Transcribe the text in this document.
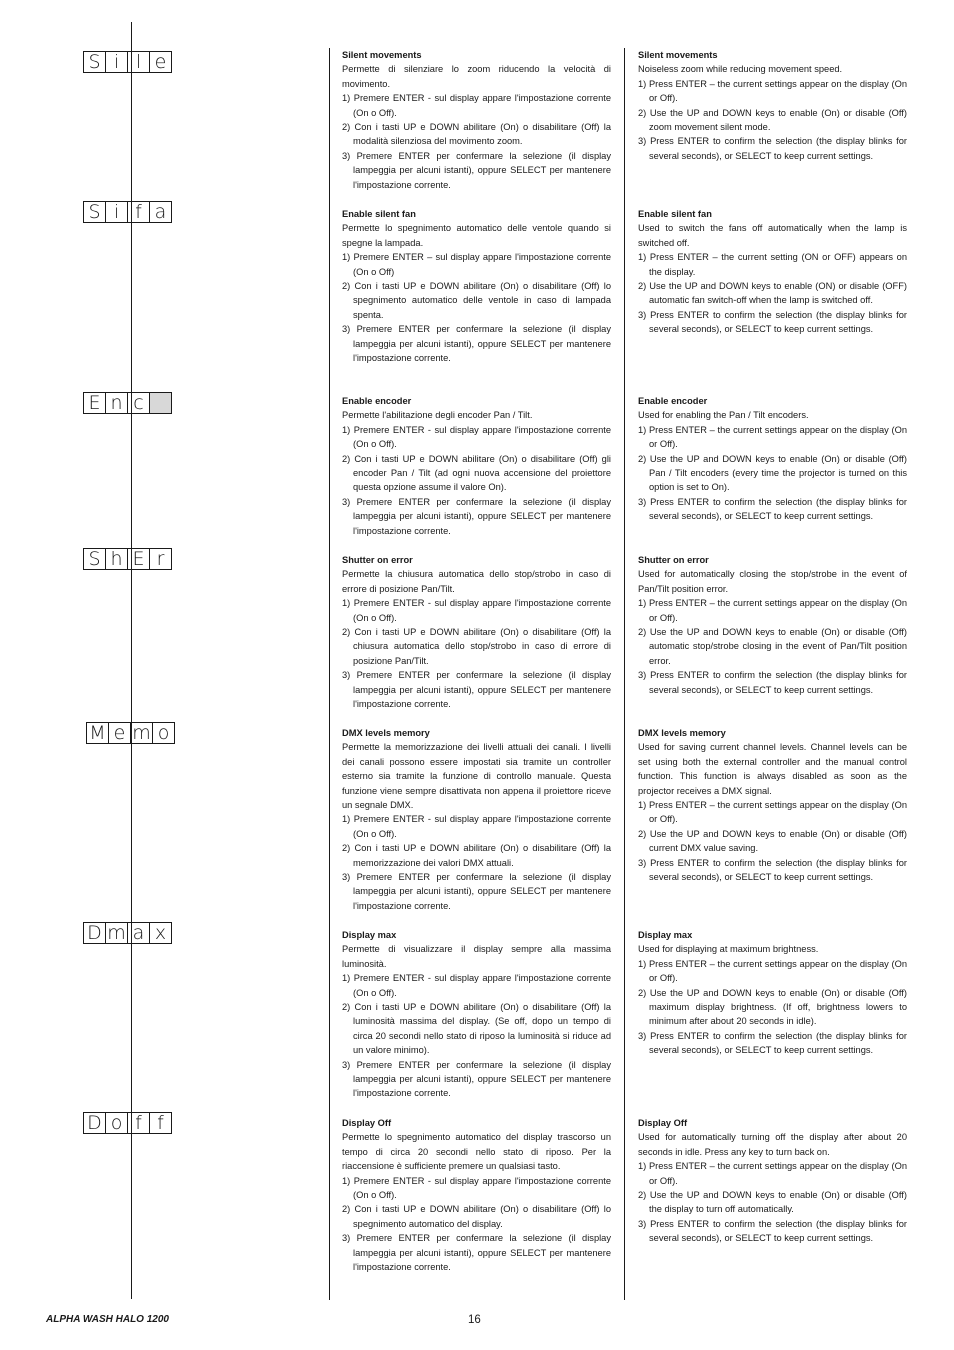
S i l e	Silent movements
Permette di silenziare lo zoom riducendo la velocità di movimento.
1) Premere ENTER - sul display appare l'impostazione corrente (On o Off).
2) Con i tasti UP e DOWN abilitare (On) o disabilitare (Off) la modalità silenziosa del movimento zoom.
3) Premere ENTER per confermare la selezione (il display lampeggia per alcuni istanti), oppure SELECT per mantenere l'impostazione corrente.
Silent movements
Noiseless zoom while reducing movement speed.
1) Press ENTER – the current settings appear on the display (On or Off).
2) Use the UP and DOWN keys to enable (On) or disable (Off) zoom movement silent mode.
3) Press ENTER to confirm the selection (the display blinks for several seconds), or SELECT to keep current settings.
S i f a	Enable silent fan
Permette lo spegnimento automatico delle ventole quando si spegne la lampada.
1) Premere ENTER – sul display appare l'impostazione corrente (On o Off)
2) Con i tasti UP e DOWN abilitare (On) o disabilitare (Off) lo spegnimento automatico delle ventole in caso di lampada spenta.
3) Premere ENTER per confermare la selezione (il display lampeggia per alcuni istanti), oppure SELECT per mantenere l'impostazione corrente.
Enable silent fan
Used to switch the fans off automatically when the lamp is switched off.
1) Press ENTER – the current setting (ON or OFF) appears on the display.
2) Use the UP and DOWN keys to enable (ON) or disable (OFF) automatic fan switch-off when the lamp is switched off.
3) Press ENTER to confirm the selection (the display blinks for several seconds), or SELECT to keep current settings.
E n c	Enable encoder
Permette l'abilitazione degli encoder Pan / Tilt.
1) Premere ENTER - sul display appare l'impostazione corrente (On o Off).
2) Con i tasti UP e DOWN abilitare (On) o disabilitare (Off) gli encoder Pan / Tilt (ad ogni nuova accensione del proiettore questa opzione assume il valore On).
3) Premere ENTER per confermare la selezione (il display lampeggia per alcuni istanti), oppure SELECT per mantenere l'impostazione corrente.
Enable encoder
Used for enabling the Pan / Tilt encoders.
1) Press ENTER – the current settings appear on the display (On or Off).
2) Use the UP and DOWN keys to enable (On) or disable (Off) Pan / Tilt encoders (every time the projector is turned on this option is set to On).
3) Press ENTER to confirm the selection (the display blinks for several seconds), or SELECT to keep current settings.
S h E r	Shutter on error
Permette la chiusura automatica dello stop/strobo in caso di errore di posizione Pan/Tilt.
1) Premere ENTER - sul display appare l'impostazione corrente (On o Off).
2) Con i tasti UP e DOWN abilitare (On) o disabilitare (Off) la chiusura automatica dello stop/strobo in caso di errore di posizione Pan/Tilt.
3) Premere ENTER per confermare la selezione (il display lampeggia per alcuni istanti), oppure SELECT per mantenere l'impostazione corrente.
Shutter on error
Used for automatically closing the stop/strobe in the event of Pan/Tilt position error.
1) Press ENTER – the current settings appear on the display (On or Off).
2) Use the UP and DOWN keys to enable (On) or disable (Off) automatic stop/strobe closing in the event of Pan/Tilt position error.
3) Press ENTER to confirm the selection (the display blinks for several seconds), or SELECT to keep current settings.
M e m o	DMX levels memory
Permette la memorizzazione dei livelli attuali dei canali. I livelli dei canali possono essere impostati sia tramite un controller esterno sia tramite la funzione di controllo manuale. Questa funzione viene sempre disattivata non appena il proiettore riceve un segnale DMX.
1) Premere ENTER - sul display appare l'impostazione corrente (On o Off).
2) Con i tasti UP e DOWN abilitare (On) o disabilitare (Off) la memorizzazione dei valori DMX attuali.
3) Premere ENTER per confermare la selezione (il display lampeggia per alcuni istanti), oppure SELECT per mantenere l'impostazione corrente.
DMX levels memory
Used for saving current channel levels. Channel levels can be set using both the external controller and the manual control function. This function is always disabled as soon as the projector receives a DMX signal.
1) Press ENTER – the current settings appear on the display (On or Off).
2) Use the UP and DOWN keys to enable (On) or disable (Off) current DMX value saving.
3) Press ENTER to confirm the selection (the display blinks for several seconds), or SELECT to keep current settings.
D m a x	Display max
Permette di visualizzare il display sempre alla massima luminosità.
1) Premere ENTER - sul display appare l'impostazione corrente (On o Off).
2) Con i tasti UP e DOWN abilitare (On) o disabilitare (Off) la luminosità massima del display. (Se off, dopo un tempo di circa 20 secondi nello stato di riposo la luminosità si riduce ad un valore minimo).
3) Premere ENTER per confermare la selezione (il display lampeggia per alcuni istanti), oppure SELECT per mantenere l'impostazione corrente.
Display max
Used for displaying at maximum brightness.
1) Press ENTER – the current settings appear on the display (On or Off).
2) Use the UP and DOWN keys to enable (On) or disable (Off) maximum display brightness. (If off, brightness lowers to minimum after about 20 seconds in idle).
3) Press ENTER to confirm the selection (the display blinks for several seconds), or SELECT to keep current settings.
D o f f	Display Off
Permette lo spegnimento automatico del display trascorso un tempo di circa 20 secondi nello stato di riposo. Per la riaccensione è sufficiente premere un qualsiasi tasto.
1) Premere ENTER - sul display appare l'impostazione corrente (On o Off).
2) Con i tasti UP e DOWN abilitare (On) o disabilitare (Off) lo spegnimento automatico del display.
3) Premere ENTER per confermare la selezione (il display lampeggia per alcuni istanti), oppure SELECT per mantenere l'impostazione corrente.
Display Off
Used for automatically turning off the display after about 20 seconds in idle. Press any key to turn back on.
1) Press ENTER – the current settings appear on the display (On or Off).
2) Use the UP and DOWN keys to enable (On) or disable (Off) the display to turn off automatically.
3) Press ENTER to confirm the selection (the display blinks for several seconds), or SELECT to keep current settings.
ALPHA WASH HALO 1200	16
